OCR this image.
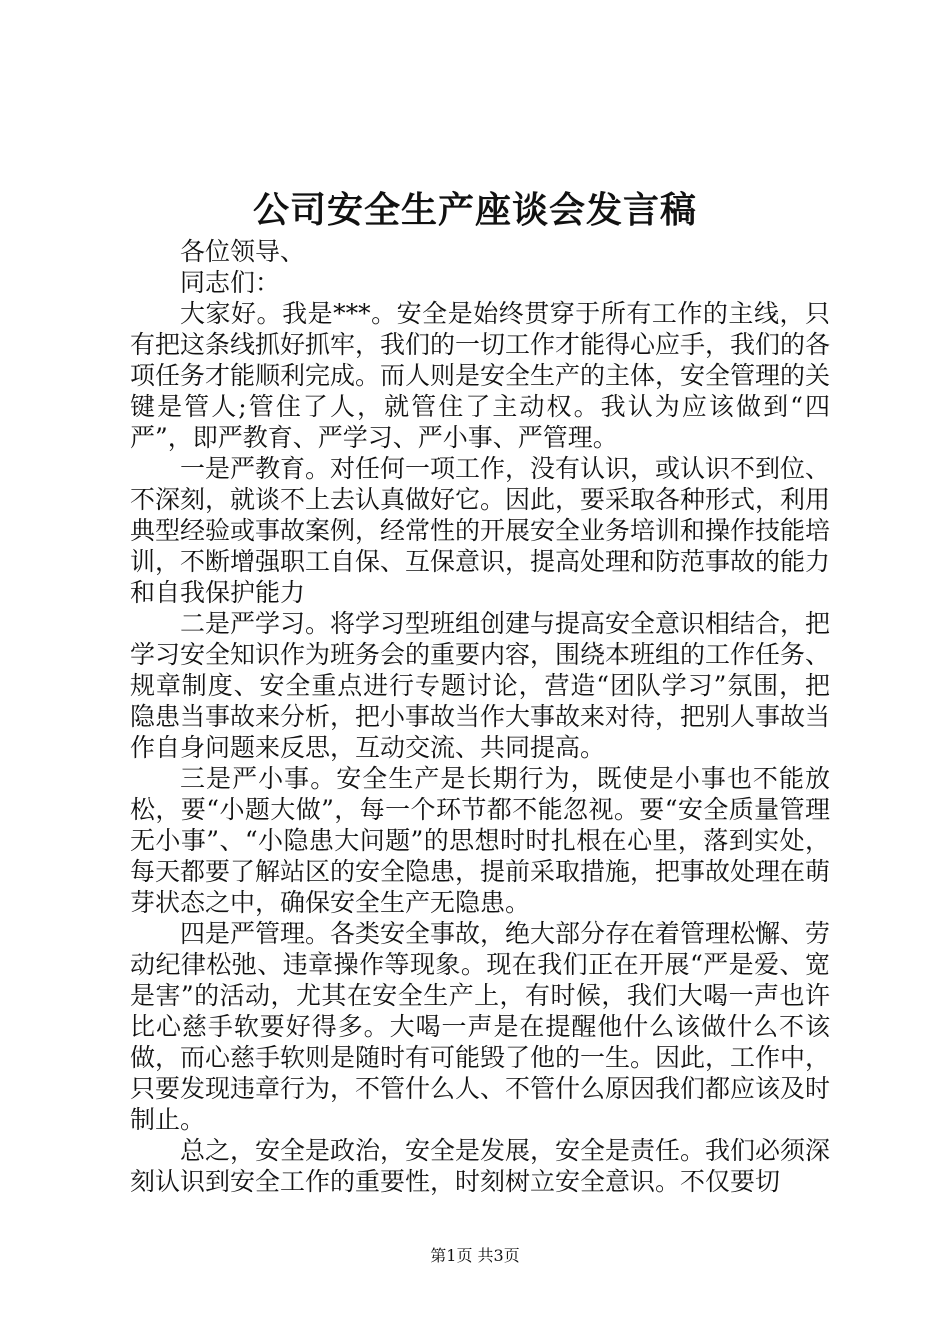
公司安全生产座谈会发言稿

各位领导、

同志们：

大家好。我是***。安全是始终贯穿于所有工作的主线，只有把这条线抓好抓牢，我们的一切工作才能得心应手，我们的各项任务才能顺利完成。而人则是安全生产的主体，安全管理的关键是管人;管住了人，就管住了主动权。我认为应该做到“四严”，即严教育、严学习、严小事、严管理。

一是严教育。对任何一项工作，没有认识，或认识不到位、不深刻，就谈不上去认真做好它。因此，要采取各种形式，利用典型经验或事故案例，经常性的开展安全业务培训和操作技能培训，不断增强职工自保、互保意识，提高处理和防范事故的能力和自我保护能力

二是严学习。将学习型班组创建与提高安全意识相结合，把学习安全知识作为班务会的重要内容，围绕本班组的工作任务、规章制度、安全重点进行专题讨论，营造“团队学习”氛围，把隐患当事故来分析，把小事故当作大事故来对待，把别人事故当作自身问题来反思，互动交流、共同提高。

三是严小事。安全生产是长期行为，既使是小事也不能放松，要“小题大做”，每一个环节都不能忽视。要“安全质量管理无小事”、“小隐患大问题”的思想时时扎根在心里，落到实处，每天都要了解站区的安全隐患，提前采取措施，把事故处理在萌芽状态之中，确保安全生产无隐患。

四是严管理。各类安全事故，绝大部分存在着管理松懈、劳动纪律松弛、违章操作等现象。现在我们正在开展“严是爱、宽是害”的活动，尤其在安全生产上，有时候，我们大喝一声也许比心慈手软要好得多。大喝一声是在提醒他什么该做什么不该做，而心慈手软则是随时有可能毁了他的一生。因此，工作中，只要发现违章行为，不管什么人、不管什么原因我们都应该及时制止。

总之，安全是政治，安全是发展，安全是责任。我们必须深刻认识到安全工作的重要性，时刻树立安全意识。不仅要切

第1页 共3页
